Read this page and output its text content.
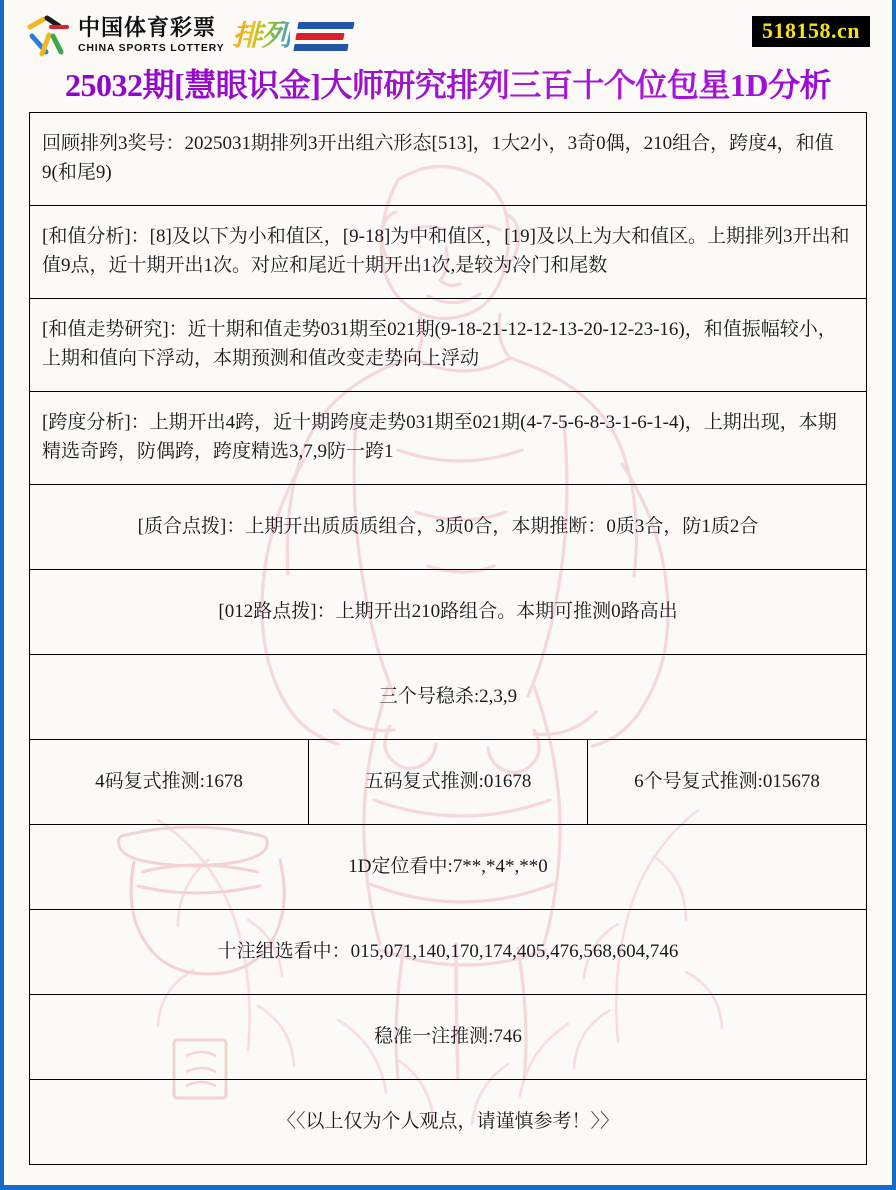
中国体育彩票
CHINA SPORTS LOTTERY 排列	518158.cn
25032期[慧眼识金]大师研究排列三百十个位包星1D分析
回顾排列3奖号：2025031期排列3开出组六形态[513]，1大2小，3奇0偶，210组合，跨度4，和值9(和尾9)
[和值分析]：[8]及以下为小和值区，[9-18]为中和值区，[19]及以上为大和值区。上期排列3开出和值9点，近十期开出1次。对应和尾近十期开出1次,是较为冷门和尾数
[和值走势研究]：近十期和值走势031期至021期(9-18-21-12-12-13-20-12-23-16)，和值振幅较小，上期和值向下浮动，本期预测和值改变走势向上浮动
[跨度分析]：上期开出4跨，近十期跨度走势031期至021期(4-7-5-6-8-3-1-6-1-4)，上期出现，本期精选奇跨，防偶跨，跨度精选3,7,9防一跨1
[质合点拨]：上期开出质质质组合，3质0合，本期推断：0质3合，防1质2合
[012路点拨]：上期开出210路组合。本期可推测0路高出
三个号稳杀:2,3,9
4码复式推测:1678	五码复式推测:01678	6个号复式推测:015678
1D定位看中:7**,*4*,**0
十注组选看中：015,071,140,170,174,405,476,568,604,746
稳准一注推测:746
〈〈以上仅为个人观点，请谨慎参考！〉〉
